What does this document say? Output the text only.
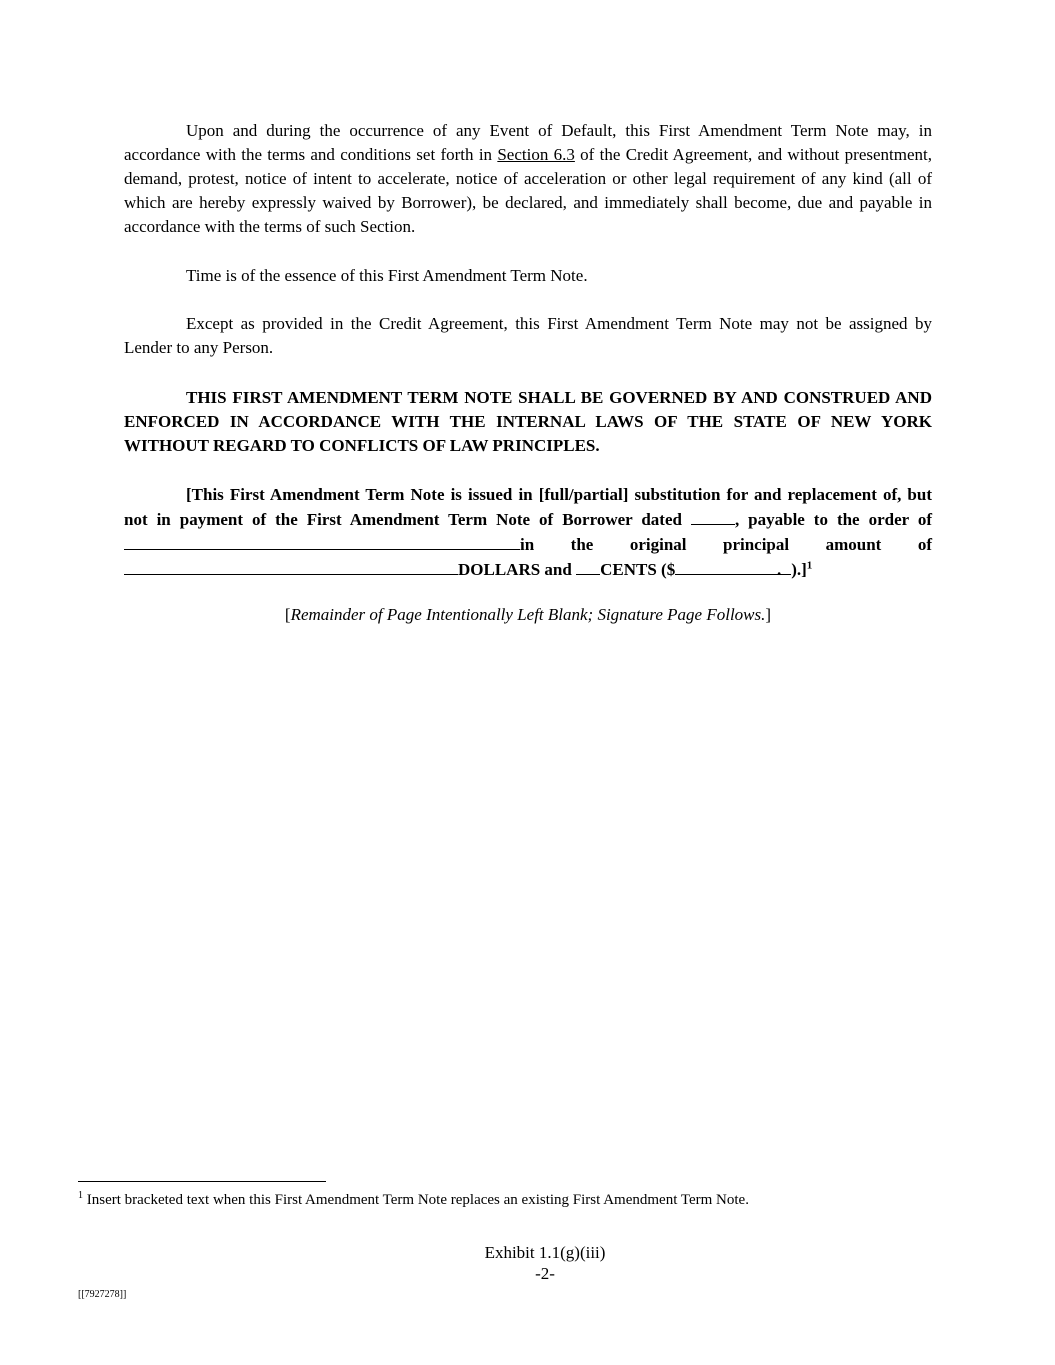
Upon and during the occurrence of any Event of Default, this First Amendment Term Note may, in accordance with the terms and conditions set forth in Section 6.3 of the Credit Agreement, and without presentment, demand, protest, notice of intent to accelerate, notice of acceleration or other legal requirement of any kind (all of which are hereby expressly waived by Borrower), be declared, and immediately shall become, due and payable in accordance with the terms of such Section.

Time is of the essence of this First Amendment Term Note.

Except as provided in the Credit Agreement, this First Amendment Term Note may not be assigned by Lender to any Person.

THIS FIRST AMENDMENT TERM NOTE SHALL BE GOVERNED BY AND CONSTRUED AND ENFORCED IN ACCORDANCE WITH THE INTERNAL LAWS OF THE STATE OF NEW YORK WITHOUT REGARD TO CONFLICTS OF LAW PRINCIPLES.

[This First Amendment Term Note is issued in [full/partial] substitution for and replacement of, but not in payment of the First Amendment Term Note of Borrower dated	, payable to the order of in the original principal amount of DOLLARS and CENTS ($	. ).]$^1$

[Remainder of Page Intentionally Left Blank; Signature Page Follows.]

$^1$ Insert bracketed text when this First Amendment Term Note replaces an existing First Amendment Term Note.

Exhibit 1.1(g)(iii)
-2-
[[7927278]]
